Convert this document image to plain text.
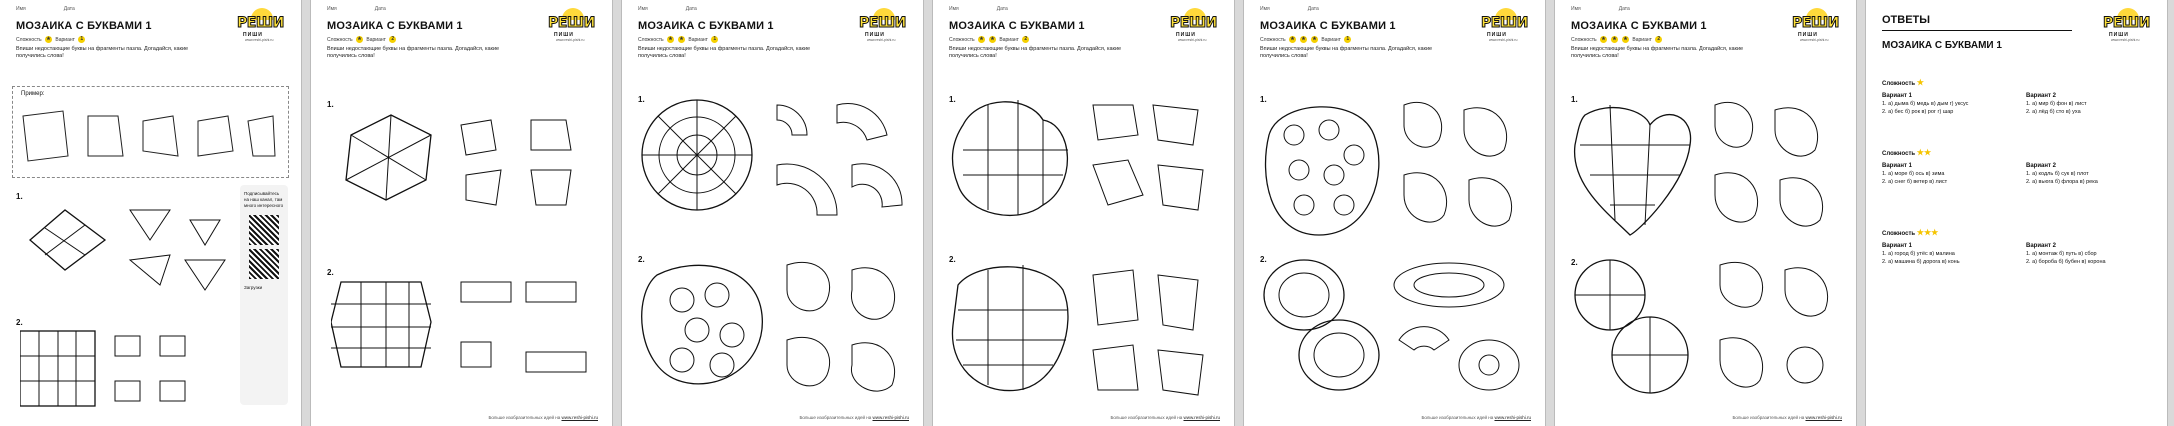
Имя	Дата
МОЗАИКА С БУКВАМИ 1
Сложность ★ Вариант 1
Впиши недостающие буквы на фрагменты пазла. Догадайся, какие получились слова!
РЕШИ
ПИШИ
www.reshi-pishi.ru
Пример:
1.
2.
Подписывайтесь на наш канал, там много интересного
Загрузки
Имя	Дата
МОЗАИКА С БУКВАМИ 1
Сложность ★ Вариант 2
Впиши недостающие буквы на фрагменты пазла. Догадайся, какие получились слова!
РЕШИ
ПИШИ
www.reshi-pishi.ru
1.
2.
Больше изобразительных идей на www.reshi-pishi.ru
Имя	Дата
МОЗАИКА С БУКВАМИ 1
Сложность ★ ★ Вариант 1
Впиши недостающие буквы на фрагменты пазла. Догадайся, какие получились слова!
РЕШИ
ПИШИ
www.reshi-pishi.ru
1.
2.
Больше изобразительных идей на www.reshi-pishi.ru
Имя	Дата
МОЗАИКА С БУКВАМИ 1
Сложность ★ ★ Вариант 2
Впиши недостающие буквы на фрагменты пазла. Догадайся, какие получились слова!
РЕШИ
ПИШИ
www.reshi-pishi.ru
1.
2.
Больше изобразительных идей на www.reshi-pishi.ru
Имя	Дата
МОЗАИКА С БУКВАМИ 1
Сложность ★ ★ ★ Вариант 1
Впиши недостающие буквы на фрагменты пазла. Догадайся, какие получились слова!
РЕШИ
ПИШИ
www.reshi-pishi.ru
1.
2.
Больше изобразительных идей на www.reshi-pishi.ru
Имя	Дата
МОЗАИКА С БУКВАМИ 1
Сложность ★ ★ ★ Вариант 2
Впиши недостающие буквы на фрагменты пазла. Догадайся, какие получились слова!
РЕШИ
ПИШИ
www.reshi-pishi.ru
1.
2.
Больше изобразительных идей на www.reshi-pishi.ru
ОТВЕТЫ
МОЗАИКА С БУКВАМИ 1
РЕШИ
ПИШИ
www.reshi-pishi.ru
Сложность ★
Вариант 1
1. а) дыма б) медь в) дым г) уксус
2. а) бес б) рок в) рог г) шар
Вариант 2
1. а) мир б) фон в) лист
2. а) лёд б) сто в) уха
Сложность ★★
Вариант 1
1. а) море б) ось в) зима
2. а) снег б) ветер в) лист
Вариант 2
1. а) кодль б) сук в) плот
2. а) вьюга б) флора в) река
Сложность ★★★
Вариант 1
1. а) город б) утёс в) малина
2. а) машина б) дорога в) конь
Вариант 2
1. а) монтаж б) путь в) сбор
2. а) бороба б) бубен в) корона
